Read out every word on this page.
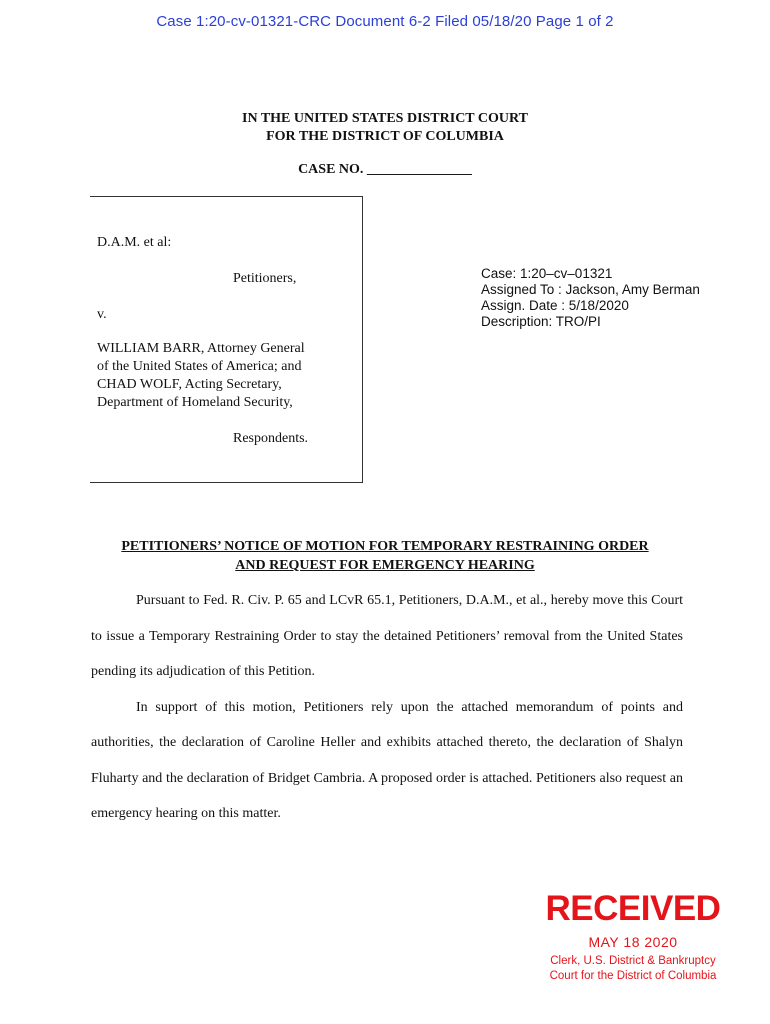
Case 1:20-cv-01321-CRC Document 6-2 Filed 05/18/20 Page 1 of 2
IN THE UNITED STATES DISTRICT COURT
FOR THE DISTRICT OF COLUMBIA
CASE NO. _______________
D.A.M. et al:
Petitioners,
v.
WILLIAM BARR, Attorney General
of the United States of America; and
CHAD WOLF, Acting Secretary,
Department of Homeland Security,
Respondents.
Case: 1:20–cv–01321
Assigned To : Jackson, Amy Berman
Assign. Date : 5/18/2020
Description: TRO/PI
PETITIONERS’ NOTICE OF MOTION FOR TEMPORARY RESTRAINING ORDER
AND REQUEST FOR EMERGENCY HEARING

Pursuant to Fed. R. Civ. P. 65 and LCvR 65.1, Petitioners, D.A.M., et al., hereby move this Court to issue a Temporary Restraining Order to stay the detained Petitioners’ removal from the United States pending its adjudication of this Petition.

In support of this motion, Petitioners rely upon the attached memorandum of points and authorities, the declaration of Caroline Heller and exhibits attached thereto, the declaration of Shalyn Fluharty and the declaration of Bridget Cambria. A proposed order is attached. Petitioners also request an emergency hearing on this matter.

RECEIVED
MAY 18 2020
Clerk, U.S. District & Bankruptcy
Court for the District of Columbia
